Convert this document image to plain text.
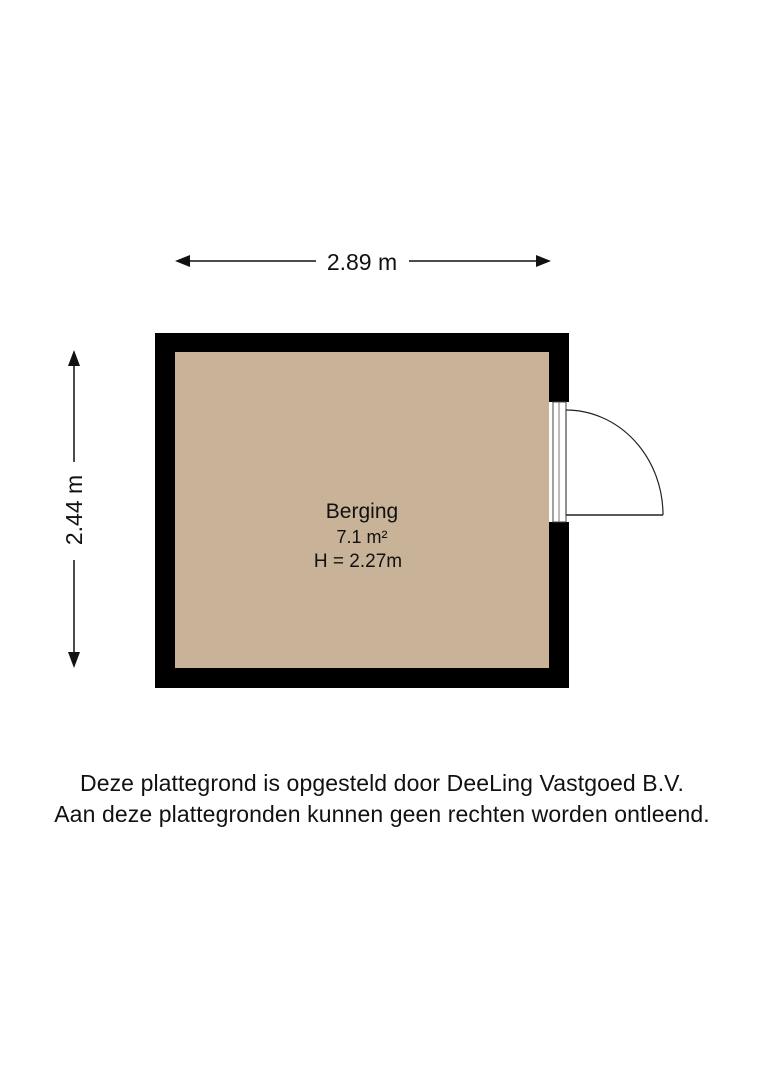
2.89 m
2.44 m	Berging
7.1 m²
H = 2.27m
Deze plattegrond is opgesteld door DeeLing Vastgoed B.V.
Aan deze plattegronden kunnen geen rechten worden ontleend.
